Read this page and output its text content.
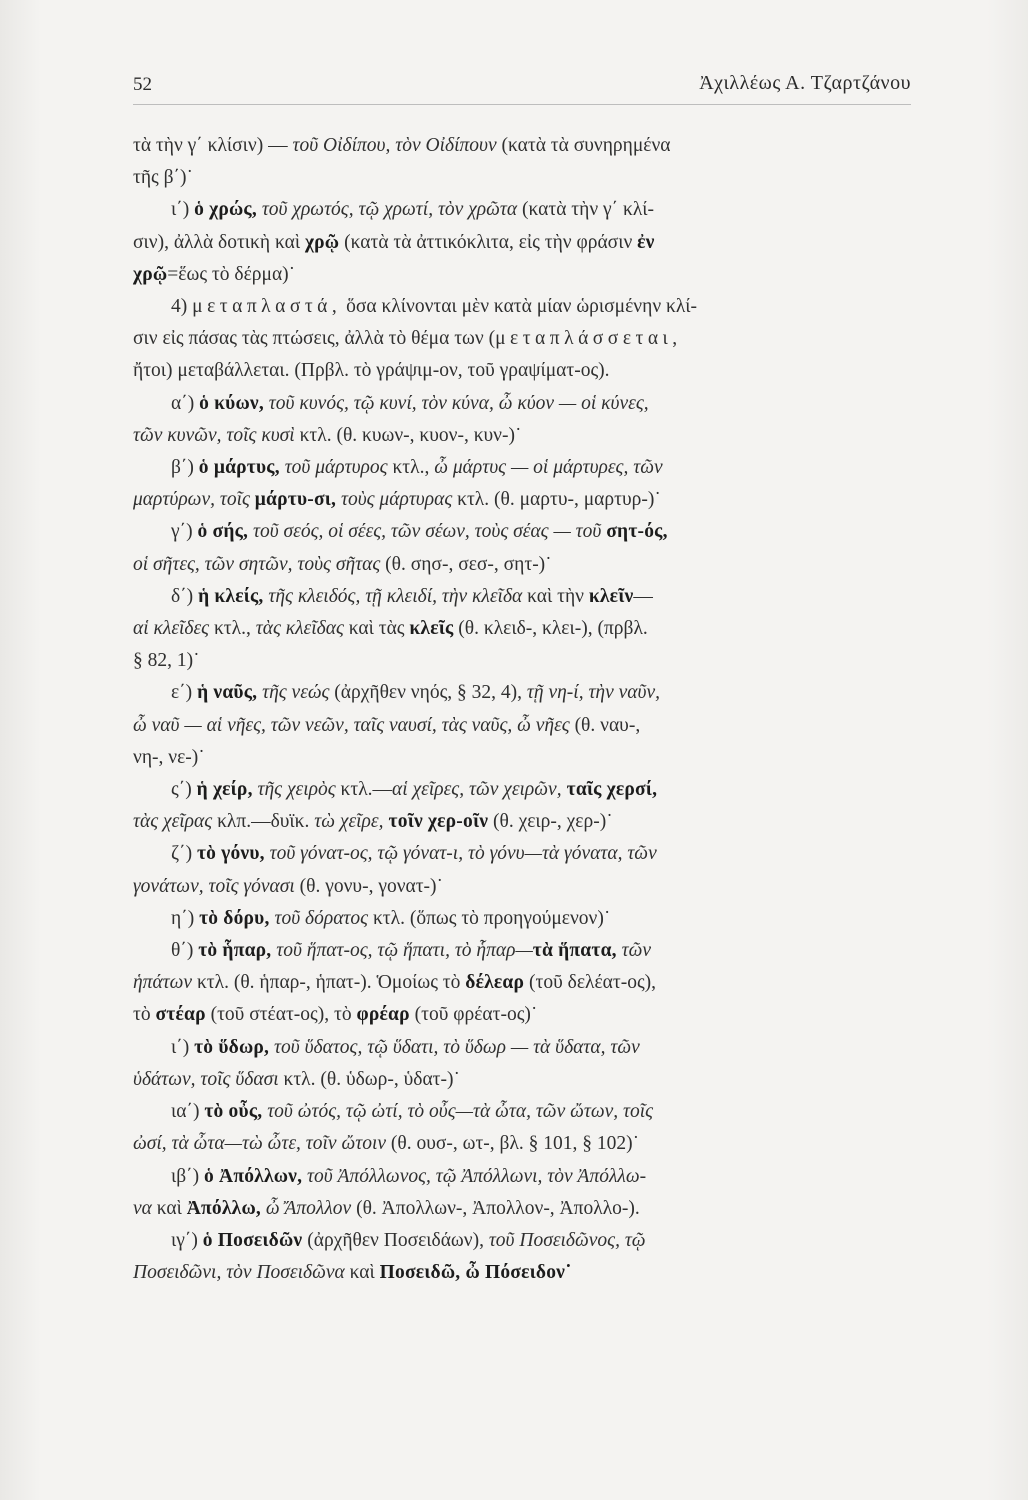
52	Ἀχιλλέως Α. Τζαρτζάνου

τὰ τὴν γ΄ κλίσιν) — τοῦ Οἰδίπου, τὸν Οἰδίπουν (κατὰ τὰ συνηρημένα
τῆς β΄)˙

ι΄) ὁ χρώς, τοῦ χρωτός, τῷ χρωτί, τὸν χρῶτα (κατὰ τὴν γ΄ κλί-
σιν), ἀλλὰ δοτικὴ καὶ χρῷ (κατὰ τὰ ἀττικόκλιτα, εἰς τὴν φράσιν ἐν
χρῷ=ἕως τὸ δέρμα)˙

4) μεταπλαστά, ὅσα κλίνονται μὲν κατὰ μίαν ὡρισμένην κλί-
σιν εἰς πάσας τὰς πτώσεις, ἀλλὰ τὸ θέμα των (μεταπλάσσεται,
ἤτοι) μεταβάλλεται. (Πρβλ. τὸ γράψιμ-ον, τοῦ γραψίματ-ος).

α΄) ὁ κύων, τοῦ κυνός, τῷ κυνί, τὸν κύνα, ὦ κύον — οἱ κύνες,
τῶν κυνῶν, τοῖς κυσὶ κτλ. (θ. κυων-, κυον-, κυν-)˙

β΄) ὁ μάρτυς, τοῦ μάρτυρος κτλ., ὦ μάρτυς — οἱ μάρτυρες, τῶν
μαρτύρων, τοῖς μάρτυ-σι, τοὺς μάρτυρας κτλ. (θ. μαρτυ-, μαρτυρ-)˙

γ΄) ὁ σής, τοῦ σεός, οἱ σέες, τῶν σέων, τοὺς σέας — τοῦ σητ-ός,
οἱ σῆτες, τῶν σητῶν, τοὺς σῆτας (θ. σησ-, σεσ-, σητ-)˙

δ΄) ἡ κλείς, τῆς κλειδός, τῇ κλειδί, τὴν κλεῖδα καὶ τὴν κλεῖν—
αἱ κλεῖδες κτλ., τὰς κλεῖδας καὶ τὰς κλεῖς (θ. κλειδ-, κλει-), (πρβλ.
§ 82, 1)˙

ε΄) ἡ ναῦς, τῆς νεώς (ἀρχῆθεν νηός, § 32, 4), τῇ νη-ί, τὴν ναῦν,
ὦ ναῦ — αἱ νῆες, τῶν νεῶν, ταῖς ναυσί, τὰς ναῦς, ὦ νῆες (θ. ναυ-,
νη-, νε-)˙

ς΄) ἡ χείρ, τῆς χειρὸς κτλ.—αἱ χεῖρες, τῶν χειρῶν, ταῖς χερσί,
τὰς χεῖρας κλπ.—δυϊκ. τὼ χεῖρε, τοῖν χερ-οῖν (θ. χειρ-, χερ-)˙

ζ΄) τὸ γόνυ, τοῦ γόνατ-ος, τῷ γόνατ-ι, τὸ γόνυ—τὰ γόνατα, τῶν
γονάτων, τοῖς γόνασι (θ. γονυ-, γονατ-)˙

η΄) τὸ δόρυ, τοῦ δόρατος κτλ. (ὅπως τὸ προηγούμενον)˙

θ΄) τὸ ἧπαρ, τοῦ ἥπατ-ος, τῷ ἥπατι, τὸ ἧπαρ—τὰ ἥπατα, τῶν
ἡπάτων κτλ. (θ. ἡπαρ-, ἡπατ-). Ὁμοίως τὸ δέλεαρ (τοῦ δελέατ-ος),
τὸ στέαρ (τοῦ στέατ-ος), τὸ φρέαρ (τοῦ φρέατ-ος)˙

ι΄) τὸ ὕδωρ, τοῦ ὕδατος, τῷ ὕδατι, τὸ ὕδωρ — τὰ ὕδατα, τῶν
ὑδάτων, τοῖς ὕδασι κτλ. (θ. ὑδωρ-, ὑδατ-)˙

ια΄) τὸ οὖς, τοῦ ὠτός, τῷ ὠτί, τὸ οὖς—τὰ ὦτα, τῶν ὤτων, τοῖς
ὠσί, τὰ ὦτα—τὼ ὦτε, τοῖν ὤτοιν (θ. ουσ-, ωτ-, βλ. § 101, § 102)˙

ιβ΄) ὁ Ἀπόλλων, τοῦ Ἀπόλλωνος, τῷ Ἀπόλλωνι, τὸν Ἀπόλλω-
να καὶ Ἀπόλλω, ὦ Ἄπολλον (θ. Ἀπολλων-, Ἀπολλον-, Ἀπολλο-).

ιγ΄) ὁ Ποσειδῶν (ἀρχῆθεν Ποσειδάων), τοῦ Ποσειδῶνος, τῷ
Ποσειδῶνι, τὸν Ποσειδῶνα καὶ Ποσειδῶ, ὦ Πόσειδον˙
